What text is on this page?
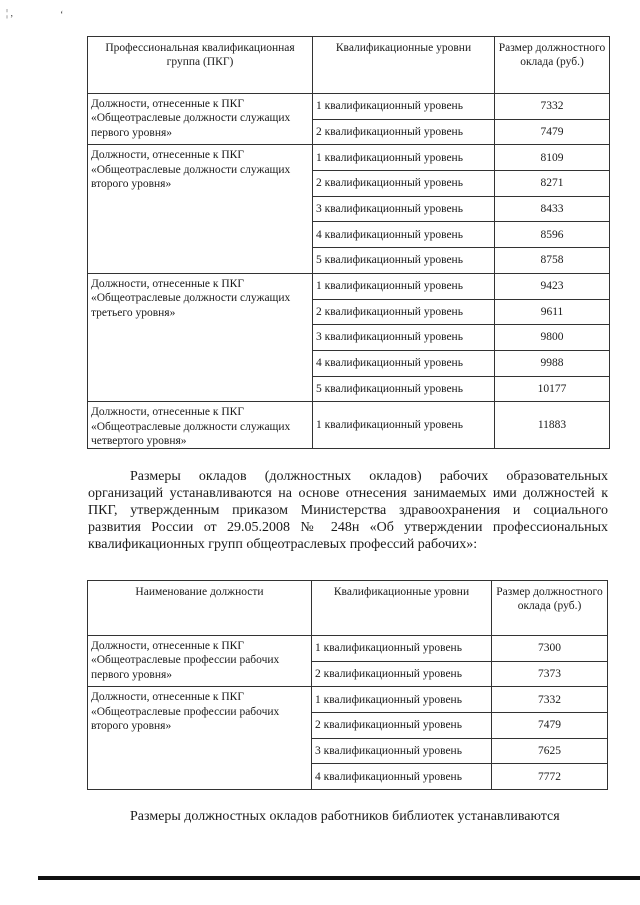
¦ ,	‘
Профессиональная квалификационная группа (ПКГ)	Квалификационные уровни	Размер должностного оклада (руб.)
Должности, отнесенные к ПКГ «Общеотраслевые должности служащих первого уровня»	1 квалификационный уровень	7332
	2 квалификационный уровень	7479
Должности, отнесенные к ПКГ «Общеотраслевые должности служащих второго уровня»	1 квалификационный уровень	8109
	2 квалификационный уровень	8271
	3 квалификационный уровень	8433
	4 квалификационный уровень	8596
	5 квалификационный уровень	8758
Должности, отнесенные к ПКГ «Общеотраслевые должности служащих третьего уровня»	1 квалификационный уровень	9423
	2 квалификационный уровень	9611
	3 квалификационный уровень	9800
	4 квалификационный уровень	9988
	5 квалификационный уровень	10177
Должности, отнесенные к ПКГ «Общеотраслевые должности служащих четвертого уровня»	1 квалификационный уровень	11883

Размеры окладов (должностных окладов) рабочих образовательных организаций устанавливаются на основе отнесения занимаемых ими должностей к ПКГ, утвержденным приказом Министерства здравоохранения и социального развития России от 29.05.2008 № 248н «Об утверждении профессиональных квалификационных групп общеотраслевых профессий рабочих»:

Наименование должности	Квалификационные уровни	Размер должностного оклада (руб.)
Должности, отнесенные к ПКГ «Общеотраслевые профессии рабочих первого уровня»	1 квалификационный уровень	7300
	2 квалификационный уровень	7373
Должности, отнесенные к ПКГ «Общеотраслевые профессии рабочих второго уровня»	1 квалификационный уровень	7332
	2 квалификационный уровень	7479
	3 квалификационный уровень	7625
	4 квалификационный уровень	7772

Размеры должностных окладов работников библиотек устанавливаются
